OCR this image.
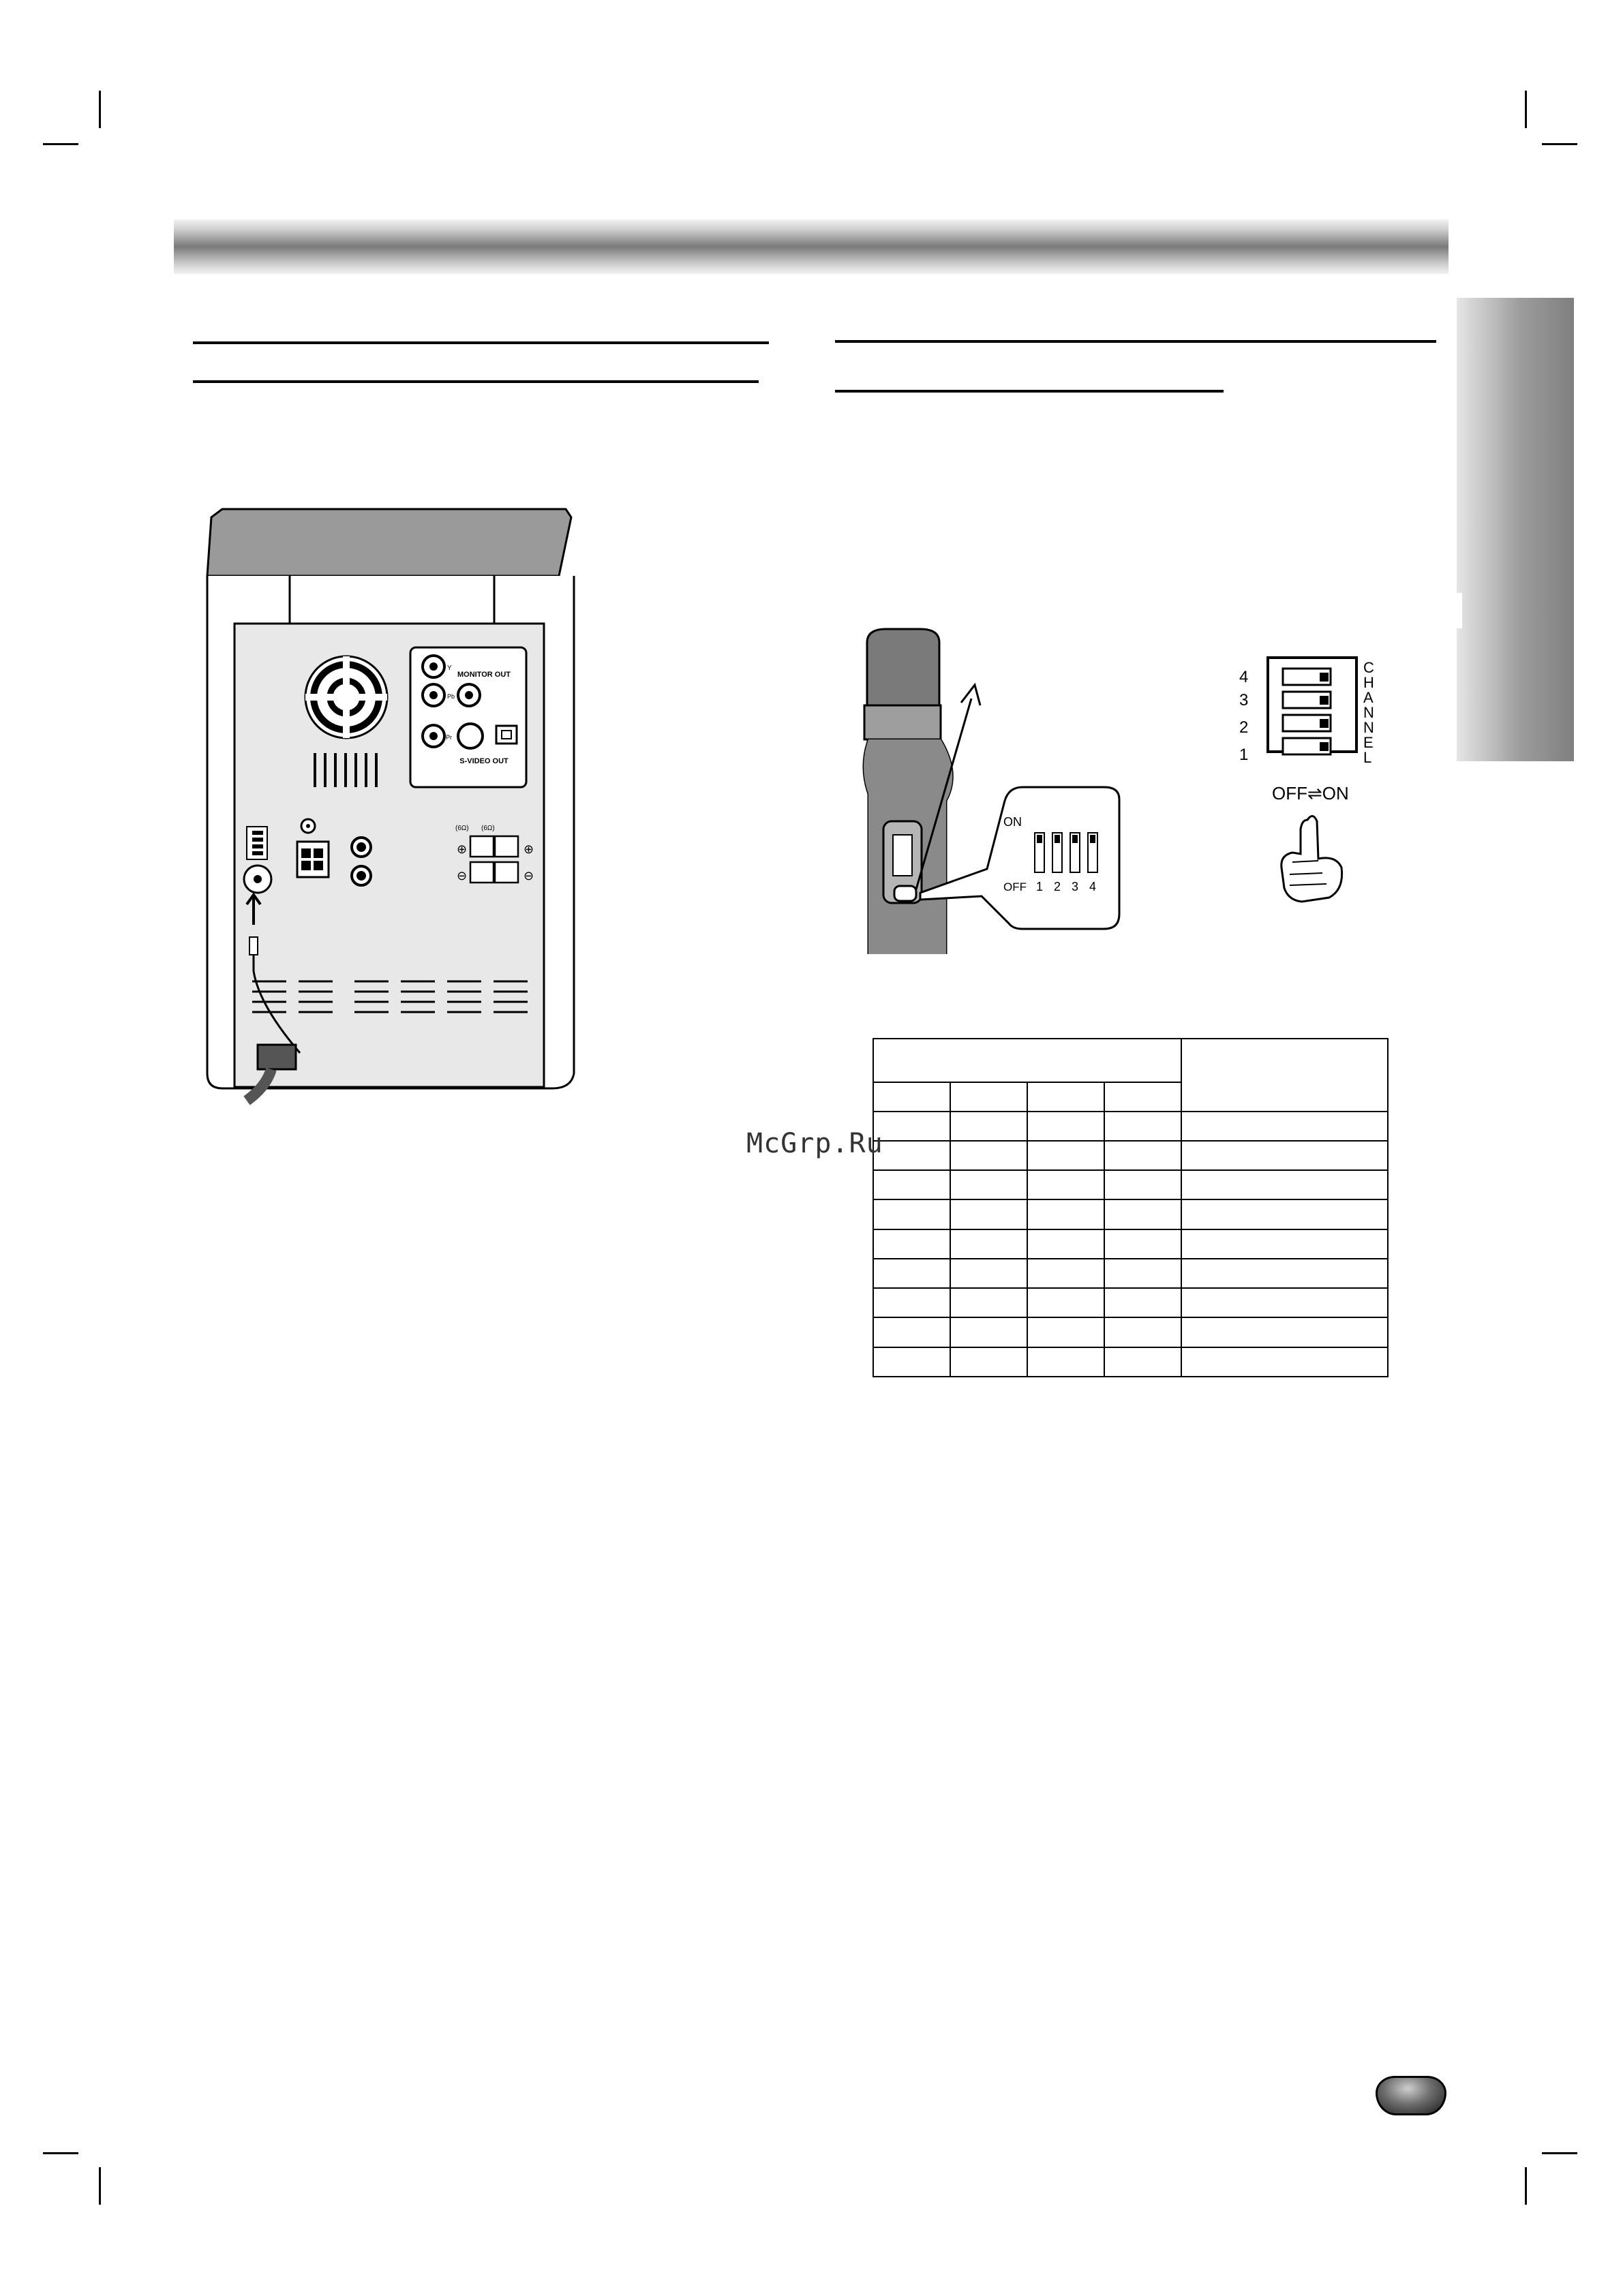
Y
Pb
Pr
MONITOR OUT
S-VIDEO OUT
(6Ω) (6Ω)
⊕	⊕
⊖	⊖
ON
OFF 1 2 3 4
4
3
2
1
C
H
A
N
N
E
L
OFF⇌ON

McGrp.Ru
